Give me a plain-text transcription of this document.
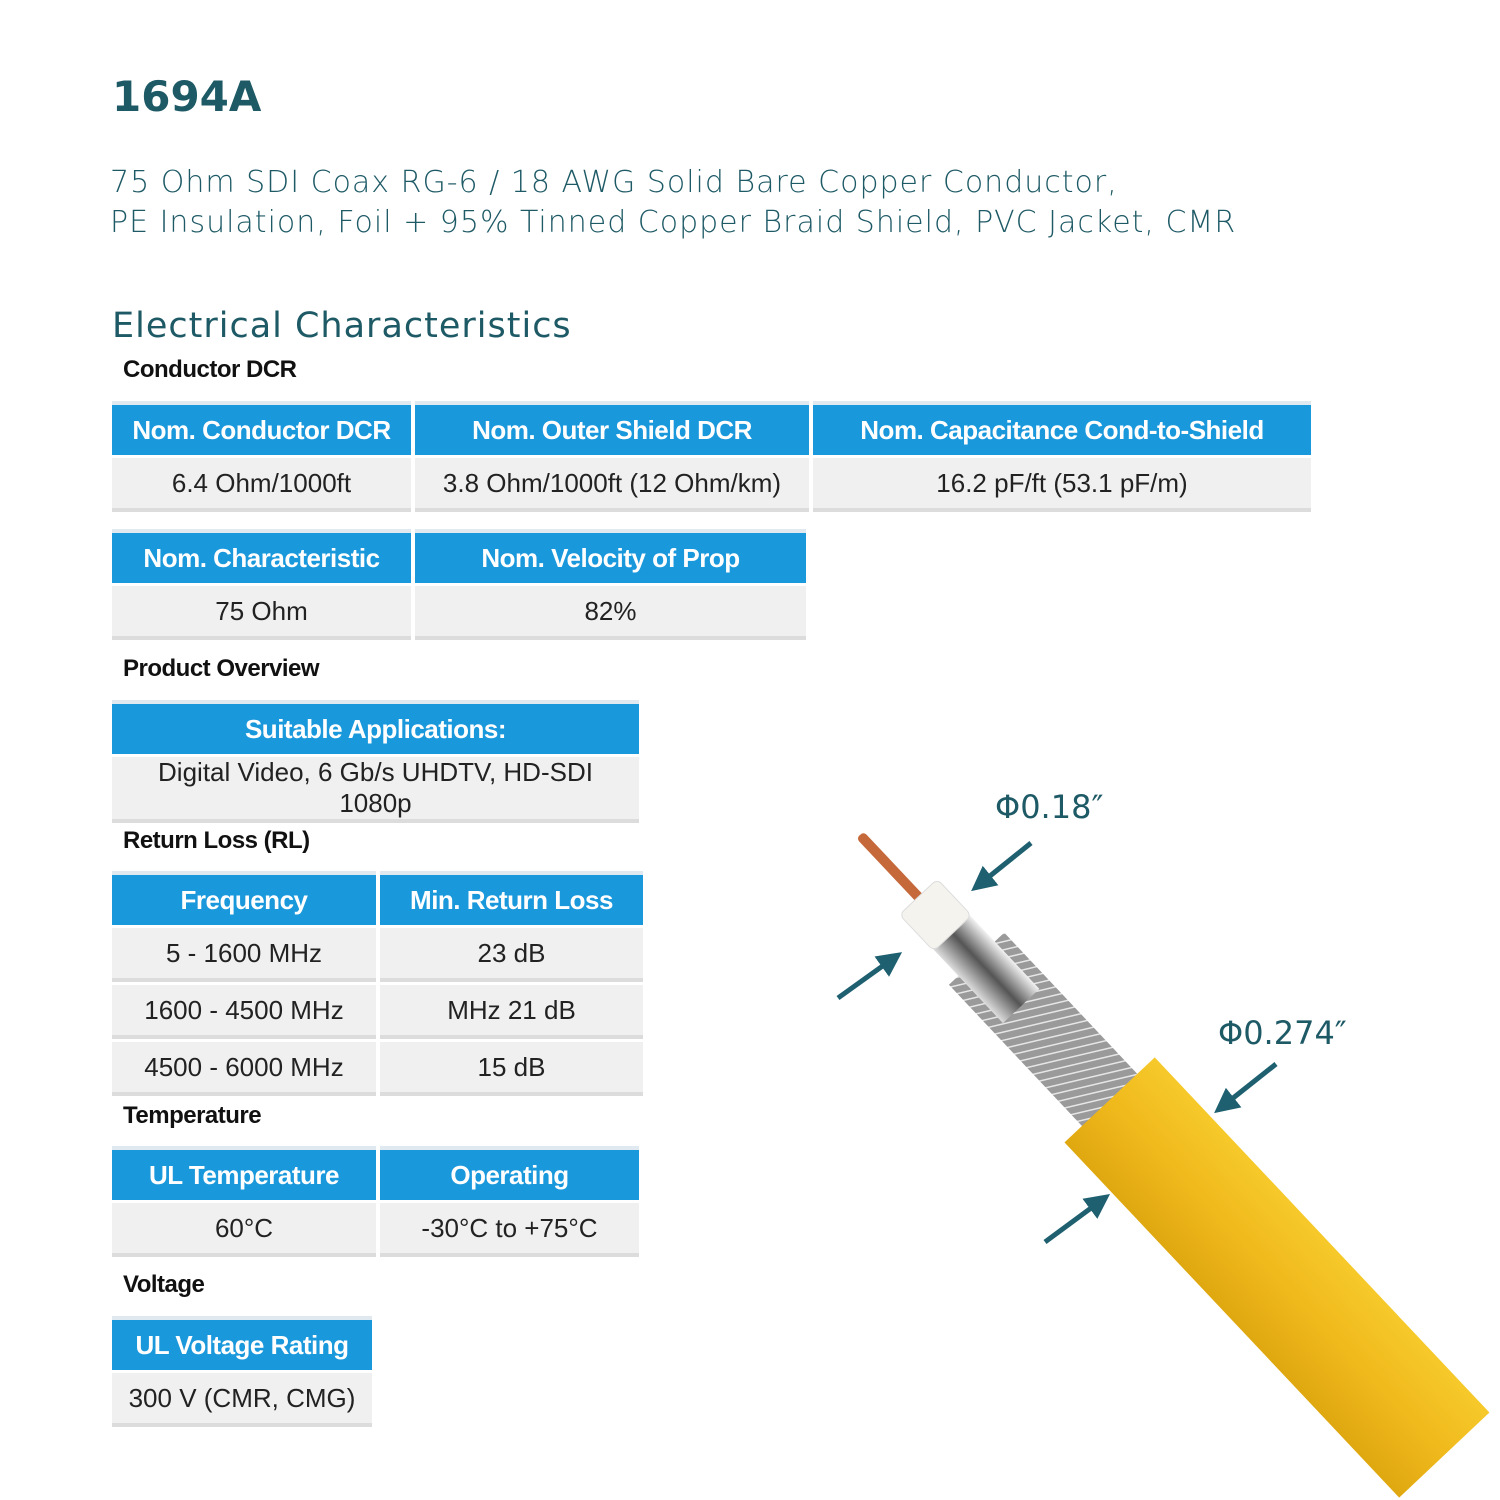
1694A
75 Ohm SDI Coax RG-6 / 18 AWG Solid Bare Copper Conductor,
PE Insulation, Foil + 95% Tinned Copper Braid Shield, PVC Jacket, CMR
Electrical Characteristics
Conductor DCR
Nom. Conductor DCR	Nom. Outer Shield DCR	Nom. Capacitance Cond-to-Shield
6.4 Ohm/1000ft	3.8 Ohm/1000ft (12 Ohm/km)	16.2 pF/ft (53.1 pF/m)
Nom. Characteristic	Nom. Velocity of Prop
75 Ohm	82%
Product Overview
Suitable Applications:
Digital Video, 6 Gb/s UHDTV, HD-SDI 1080p
Return Loss (RL)
Frequency	Min. Return Loss
5 - 1600 MHz	23 dB
1600 - 4500 MHz	MHz 21 dB
4500 - 6000 MHz	15 dB
Temperature
UL Temperature	Operating
60°C	-30°C to +75°C
Voltage
UL Voltage Rating
300 V (CMR, CMG)
Φ0.18″
Φ0.274″
